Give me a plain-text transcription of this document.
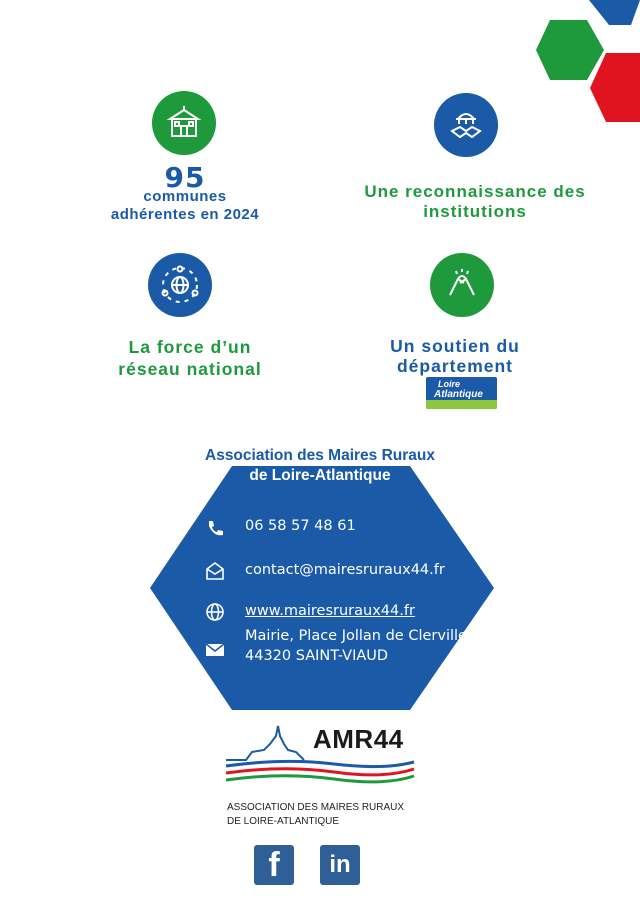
95
communes
adhérentes en 2024
Une reconnaissance des
institutions
La force d’un
réseau national
Un soutien du
département
Loire
Atlantique
Association des Maires Ruraux
de Loire-Atlantique
06 58 57 48 61
contact@mairesruraux44.fr
www.mairesruraux44.fr
Mairie, Place Jollan de Clerville
44320 SAINT-VIAUD
AMR44
ASSOCIATION DES MAIRES RURAUX
DE LOIRE-ATLANTIQUE
f in
